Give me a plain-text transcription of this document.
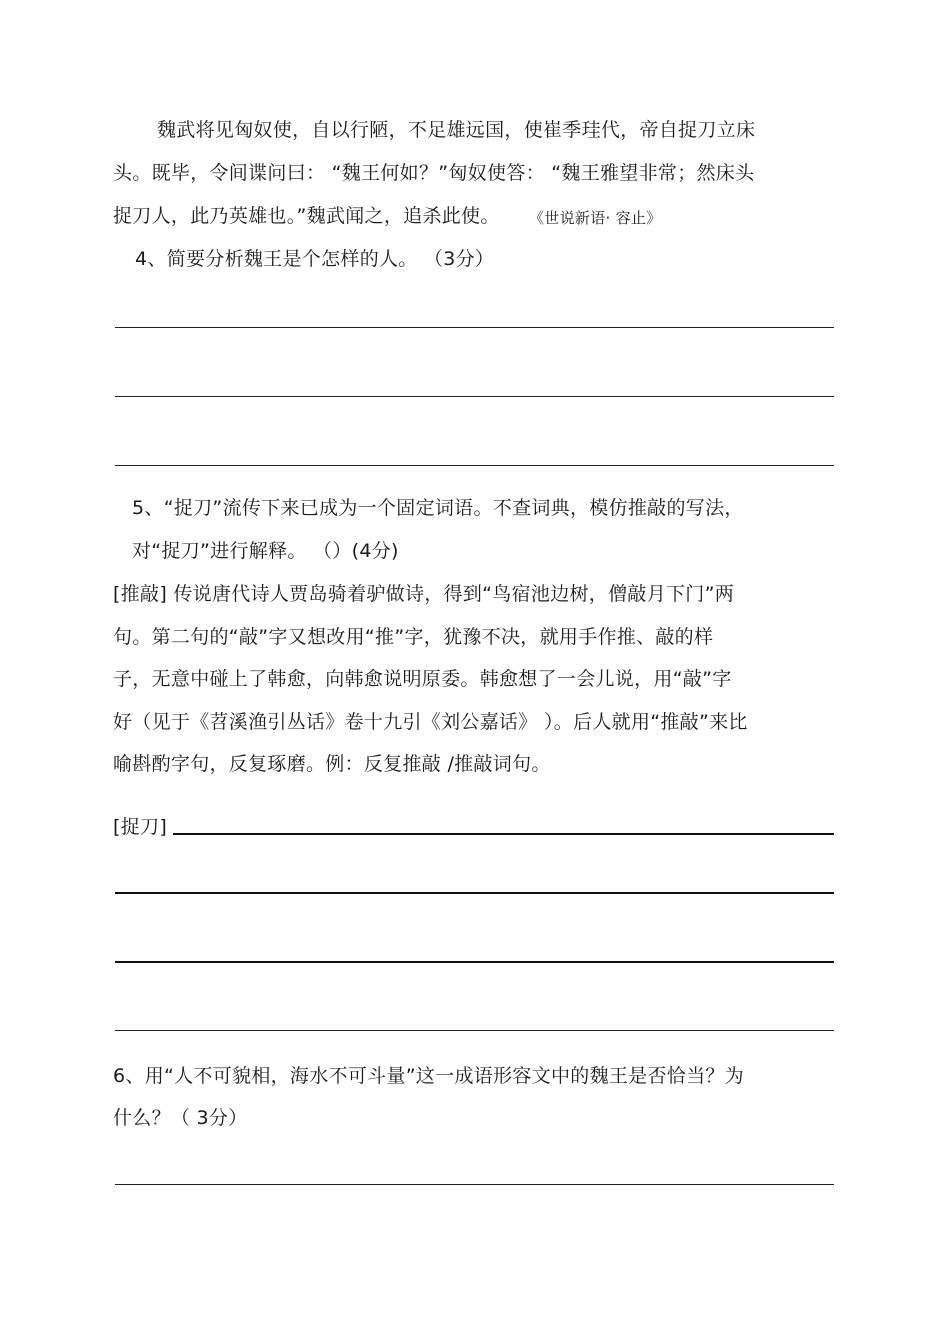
魏武将见匈奴使，自以行陋，不足雄远国，使崔季珪代，帝自捉刀立床
头。既毕，令间谍问曰： “魏王何如？”匈奴使答： “魏王雅望非常；然床头
捉刀人，此乃英雄也。”魏武闻之，追杀此使。 《世说新语· 容止》
4、简要分析魏王是个怎样的人。 （3分）
5、“捉刀”流传下来已成为一个固定词语。不查词典，模仿推敲的写法，
对“捉刀”进行解释。 （）(4分)
[推敲] 传说唐代诗人贾岛骑着驴做诗，得到“鸟宿池边树，僧敲月下门”两
句。第二句的“敲”字又想改用“推”字，犹豫不决，就用手作推、敲的样
子，无意中碰上了韩愈，向韩愈说明原委。韩愈想了一会儿说，用“敲”字
好（见于《苕溪渔引丛话》卷十九引《刘公嘉话》 ）。后人就用“推敲”来比
喻斟酌字句，反复琢磨。例：反复推敲 /推敲词句。
[捉刀]
6、用“人不可貌相，海水不可斗量”这一成语形容文中的魏王是否恰当？为
什么？（ 3分）
